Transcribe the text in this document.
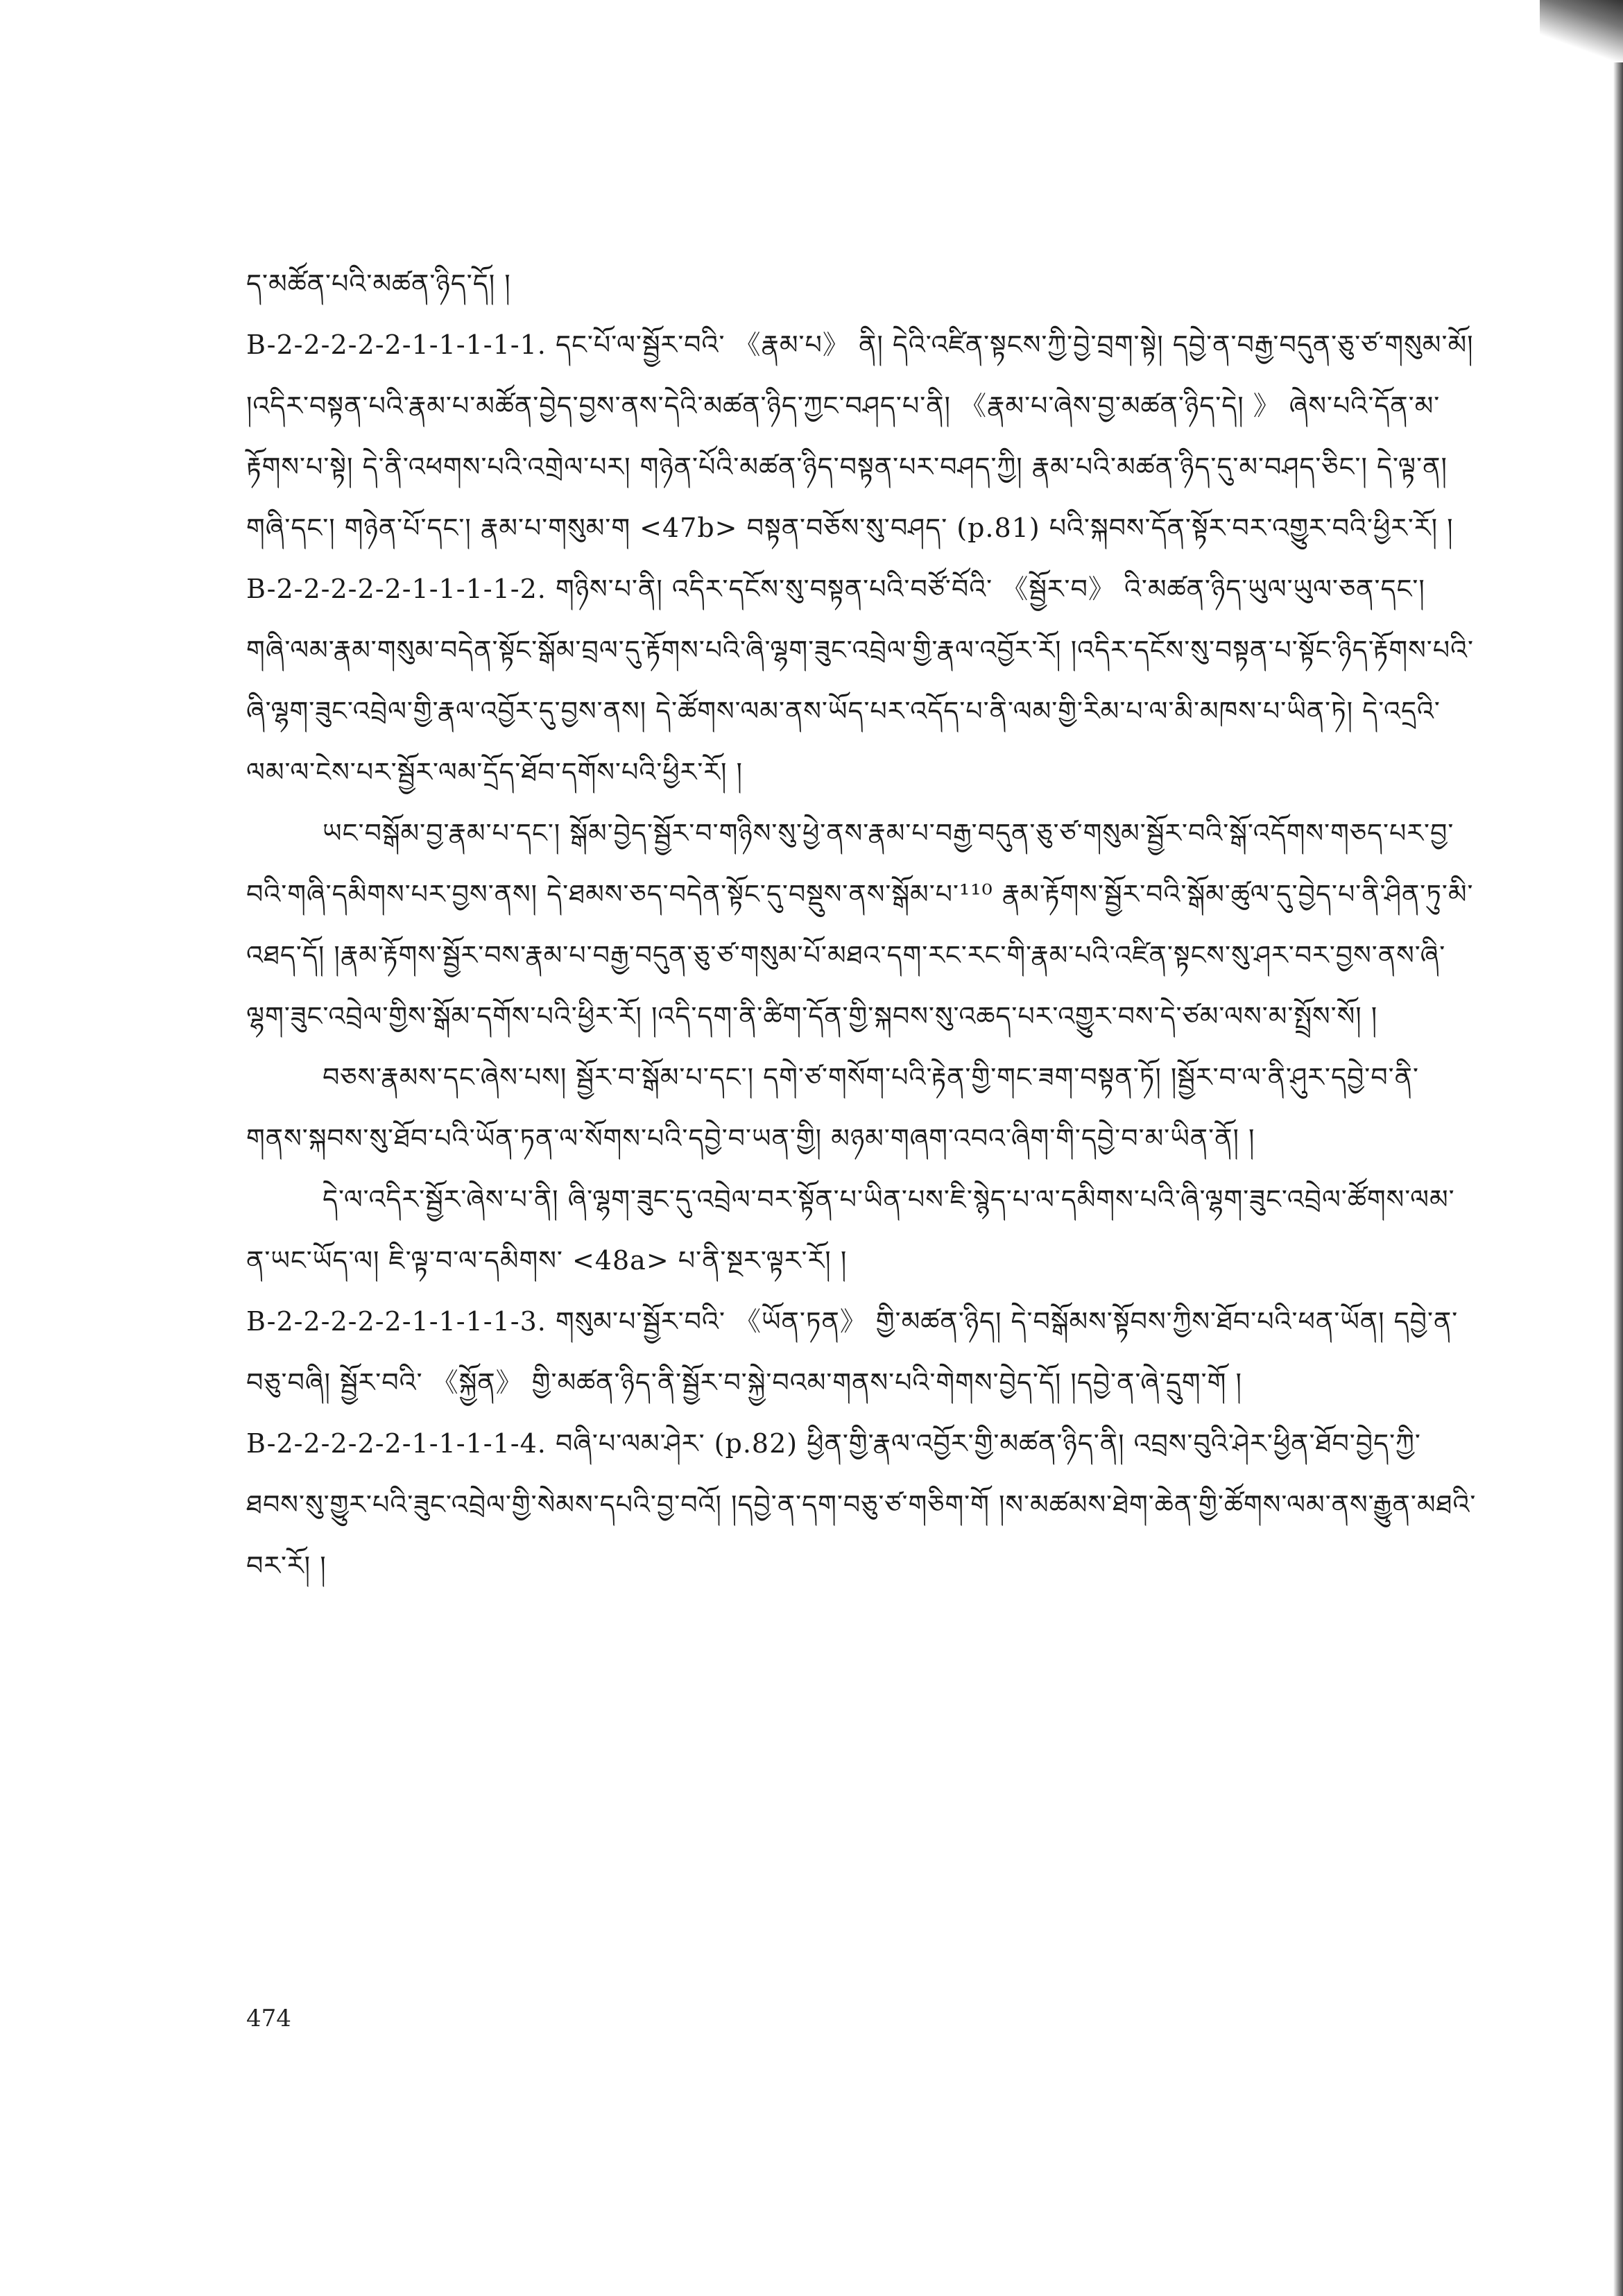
ད་མཚོན་པའི་མཚན་ཉིད་དོ། །

B-2-2-2-2-2-1-1-1-1-1. དང་པོ་ལ་སྦྱོར་བའི་ 《རྣམ་པ》 ནི། དེའི་འཛིན་སྟངས་ཀྱི་བྱེ་བྲག་སྟེ། དབྱེ་ན་བརྒྱ་བདུན་ཅུ་ཙ་གསུམ་མོ། །འདིར་བསྟན་པའི་རྣམ་པ་མཚོན་བྱེད་བྱས་ནས་དེའི་མཚན་ཉིད་ཀྱང་བཤད་པ་ནི། 《རྣམ་པ་ཞེས་བྱ་མཚན་ཉིད་དེ། 》 ཞེས་པའི་དོན་མ་རྟོགས་པ་སྟེ། དེ་ནི་འཕགས་པའི་འགྲེལ་པར། གཉེན་པོའི་མཚན་ཉིད་བསྟན་པར་བཤད་ཀྱི། རྣམ་པའི་མཚན་ཉིད་དུ་མ་བཤད་ཅིང་། དེ་ལྟ་ན། གཞི་དང་། གཉེན་པོ་དང་། རྣམ་པ་གསུམ་ག <47b> བསྟན་བཅོས་སུ་བཤད་ (p.81) པའི་སྐབས་དོན་སྟོར་བར་འགྱུར་བའི་ཕྱིར་རོ། །

B-2-2-2-2-2-1-1-1-1-2. གཉིས་པ་ནི། འདིར་དངོས་སུ་བསྟན་པའི་བཙོ་བོའི་ 《སྦྱོར་བ》 འི་མཚན་ཉིད་ཡུལ་ཡུལ་ཅན་དང་། གཞི་ལམ་རྣམ་གསུམ་བདེན་སྟོང་སྒོམ་བྲལ་དུ་རྟོགས་པའི་ཞི་ལྷག་ཟུང་འབྲེལ་གྱི་རྣལ་འབྱོར་རོ། །འདིར་དངོས་སུ་བསྟན་པ་སྟོང་ཉིད་རྟོགས་པའི་ཞི་ལྷག་ཟུང་འབྲེལ་གྱི་རྣལ་འབྱོར་དུ་བྱས་ནས། དེ་ཚོགས་ལམ་ནས་ཡོད་པར་འདོད་པ་ནི་ལམ་གྱི་རིམ་པ་ལ་མི་མཁས་པ་ཡིན་ཏེ། དེ་འདྲའི་ལམ་ལ་ངེས་པར་སྦྱོར་ལམ་དྲོད་ཐོབ་དགོས་པའི་ཕྱིར་རོ། །

ཡང་བསྒོམ་བྱ་རྣམ་པ་དང་། སྒོམ་བྱེད་སྦྱོར་བ་གཉིས་སུ་ཕྱེ་ནས་རྣམ་པ་བརྒྱ་བདུན་ཅུ་ཙ་གསུམ་སྦྱོར་བའི་སྒོ་འདོགས་གཅད་པར་བྱ་བའི་གཞི་དམིགས་པར་བྱས་ནས། དེ་ཐམས་ཅད་བདེན་སྟོང་དུ་བསྡུས་ནས་སྒོམ་པ་¹¹⁰ རྣམ་རྟོགས་སྦྱོར་བའི་སྒོམ་ཚུལ་དུ་བྱེད་པ་ནི་ཤིན་ཏུ་མི་འཐད་དོ། །རྣམ་རྟོགས་སྦྱོར་བས་རྣམ་པ་བརྒྱ་བདུན་ཅུ་ཙ་གསུམ་པོ་མཐའ་དག་རང་རང་གི་རྣམ་པའི་འཛིན་སྟངས་སུ་ཤར་བར་བྱས་ནས་ཞི་ལྷག་ཟུང་འབྲེལ་གྱིས་སྒོམ་དགོས་པའི་ཕྱིར་རོ། །འདི་དག་ནི་ཚིག་དོན་གྱི་སྐབས་སུ་འཆད་པར་འགྱུར་བས་དེ་ཙམ་ལས་མ་སྤྲོས་སོ། །

བཅས་རྣམས་དང་ཞེས་པས། སྦྱོར་བ་སྒོམ་པ་དང་། དགེ་ཙ་གསོག་པའི་རྟེན་གྱི་གང་ཟག་བསྟན་ཏོ། །སྦྱོར་བ་ལ་ནི་ཤུར་དབྱེ་བ་ནི་གནས་སྐབས་སུ་ཐོབ་པའི་ཡོན་ཏན་ལ་སོགས་པའི་དབྱེ་བ་ཡན་གྱི། མཉམ་གཞག་འབའ་ཞིག་གི་དབྱེ་བ་མ་ཡིན་ནོ། །

དེ་ལ་འདིར་སྦྱོར་ཞེས་པ་ནི། ཞི་ལྷག་ཟུང་དུ་འབྲེལ་བར་སྟོན་པ་ཡིན་པས་ཇི་སྙེད་པ་ལ་དམིགས་པའི་ཞི་ལྷག་ཟུང་འབྲེལ་ཚོགས་ལམ་ན་ཡང་ཡོད་ལ། ཇི་ལྟ་བ་ལ་དམིགས་ <48a> པ་ནི་སྔར་ལྟར་རོ། །

B-2-2-2-2-2-1-1-1-1-3. གསུམ་པ་སྦྱོར་བའི་ 《ཡོན་ཏན》 གྱི་མཚན་ཉིད། དེ་བསྒོམས་སྟོབས་ཀྱིས་ཐོབ་པའི་ཕན་ཡོན། དབྱེ་ན་བཅུ་བཞི། སྦྱོར་བའི་ 《སྐྱོན》 གྱི་མཚན་ཉིད་ནི་སྦྱོར་བ་སྐྱེ་བའམ་གནས་པའི་གེགས་བྱེད་དོ། །དབྱེ་ན་ཞེ་དྲུག་གོ །

B-2-2-2-2-2-1-1-1-1-4. བཞི་པ་ལམ་ཤེར་ (p.82) ཕྱིན་གྱི་རྣལ་འབྱོར་གྱི་མཚན་ཉིད་ནི། འབྲས་བུའི་ཤེར་ཕྱིན་ཐོབ་བྱེད་ཀྱི་ཐབས་སུ་གྱུར་པའི་ཟུང་འབྲེལ་གྱི་སེམས་དཔའི་བྱ་བའོ། །དབྱེ་ན་དག་བཅུ་ཙ་གཅིག་གོ །ས་མཚམས་ཐེག་ཆེན་གྱི་ཚོགས་ལམ་ནས་རྒྱུན་མཐའི་བར་རོ། །

474
